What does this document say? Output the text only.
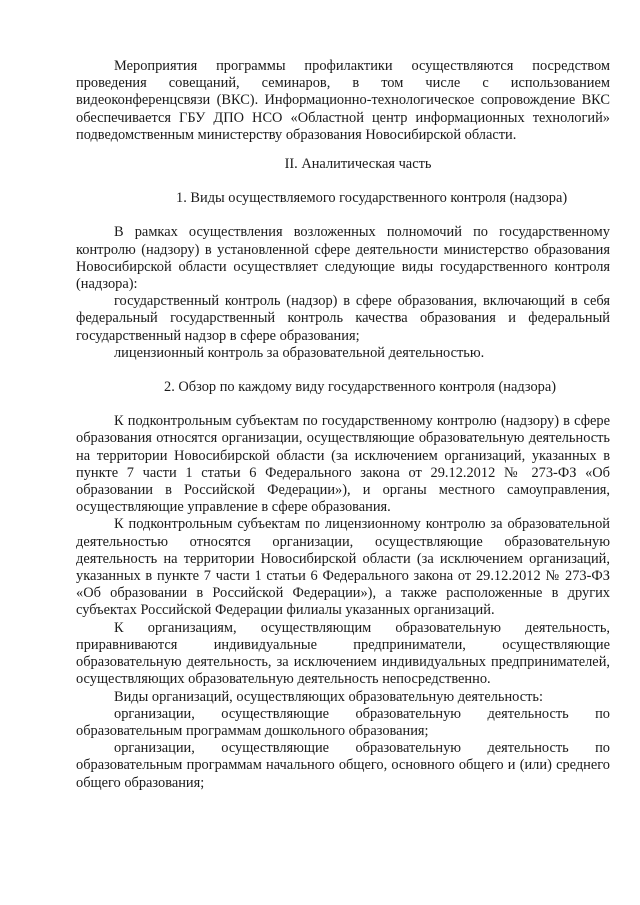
Мероприятия программы профилактики осуществляются посредством проведения совещаний, семинаров, в том числе с использованием видеоконференцсвязи (ВКС). Информационно-технологическое сопровождение ВКС обеспечивается ГБУ ДПО НСО «Областной центр информационных технологий» подведомственным министерству образования Новосибирской области.

II. Аналитическая часть
1. Виды осуществляемого государственного контроля (надзора)

В рамках осуществления возложенных полномочий по государственному контролю (надзору) в установленной сфере деятельности министерство образования Новосибирской области осуществляет следующие виды государственного контроля (надзора):

государственный контроль (надзор) в сфере образования, включающий в себя федеральный государственный контроль качества образования и федеральный государственный надзор в сфере образования;

лицензионный контроль за образовательной деятельностью.

2. Обзор по каждому виду государственного контроля (надзора)

К подконтрольным субъектам по государственному контролю (надзору) в сфере образования относятся организации, осуществляющие образовательную деятельность на территории Новосибирской области (за исключением организаций, указанных в пункте 7 части 1 статьи 6 Федерального закона от 29.12.2012 № 273-ФЗ «Об образовании в Российской Федерации»), и органы местного самоуправления, осуществляющие управление в сфере образования.

К подконтрольным субъектам по лицензионному контролю за образовательной деятельностью относятся организации, осуществляющие образовательную деятельность на территории Новосибирской области (за исключением организаций, указанных в пункте 7 части 1 статьи 6 Федерального закона от 29.12.2012 № 273-ФЗ «Об образовании в Российской Федерации»), а также расположенные в других субъектах Российской Федерации филиалы указанных организаций.

К организациям, осуществляющим образовательную деятельность, приравниваются индивидуальные предприниматели, осуществляющие образовательную деятельность, за исключением индивидуальных предпринимателей, осуществляющих образовательную деятельность непосредственно.

Виды организаций, осуществляющих образовательную деятельность:

организации, осуществляющие образовательную деятельность по образовательным программам дошкольного образования;

организации, осуществляющие образовательную деятельность по образовательным программам начального общего, основного общего и (или) среднего общего образования;
